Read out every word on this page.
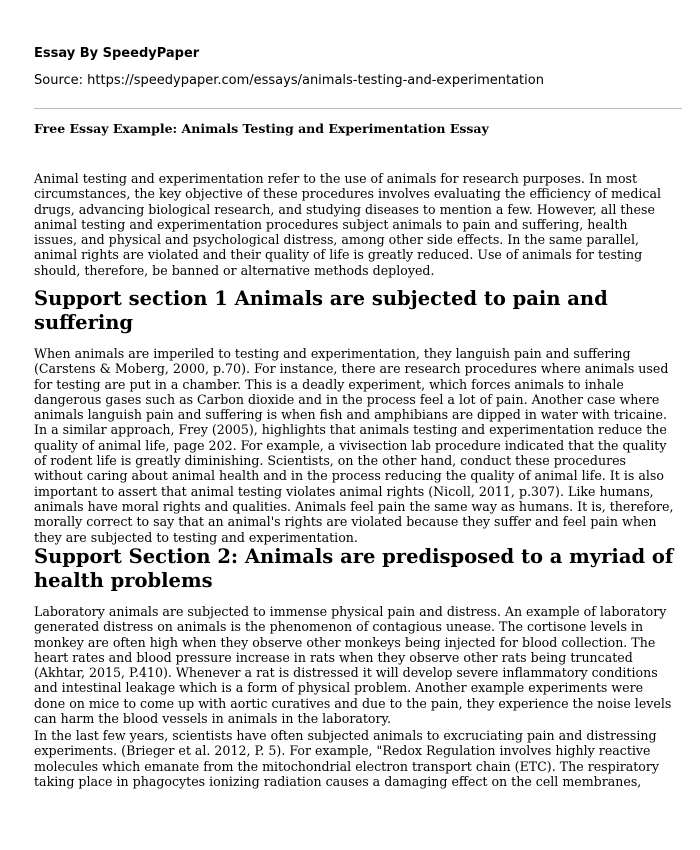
Essay By SpeedyPaper
Source: https://speedypaper.com/essays/animals-testing-and-experimentation
Free Essay Example: Animals Testing and Experimentation Essay

Animal testing and experimentation refer to the use of animals for research purposes. In most circumstances, the key objective of these procedures involves evaluating the efficiency of medical drugs, advancing biological research, and studying diseases to mention a few. However, all these animal testing and experimentation procedures subject animals to pain and suffering, health issues, and physical and psychological distress, among other side effects. In the same parallel, animal rights are violated and their quality of life is greatly reduced. Use of animals for testing should, therefore, be banned or alternative methods deployed.

Support section 1 Animals are subjected to pain and suffering

When animals are imperiled to testing and experimentation, they languish pain and suffering (Carstens & Moberg, 2000, p.70). For instance, there are research procedures where animals used for testing are put in a chamber. This is a deadly experiment, which forces animals to inhale dangerous gases such as Carbon dioxide and in the process feel a lot of pain. Another case where animals languish pain and suffering is when fish and amphibians are dipped in water with tricaine. In a similar approach, Frey (2005), highlights that animals testing and experimentation reduce the quality of animal life, page 202. For example, a vivisection lab procedure indicated that the quality of rodent life is greatly diminishing. Scientists, on the other hand, conduct these procedures without caring about animal health and in the process reducing the quality of animal life. It is also important to assert that animal testing violates animal rights (Nicoll, 2011, p.307). Like humans, animals have moral rights and qualities. Animals feel pain the same way as humans. It is, therefore, morally correct to say that an animal's rights are violated because they suffer and feel pain when they are subjected to testing and experimentation.

Support Section 2: Animals are predisposed to a myriad of health problems

Laboratory animals are subjected to immense physical pain and distress. An example of laboratory generated distress on animals is the phenomenon of contagious unease. The cortisone levels in monkey are often high when they observe other monkeys being injected for blood collection. The heart rates and blood pressure increase in rats when they observe other rats being truncated (Akhtar, 2015, P.410). Whenever a rat is distressed it will develop severe inflammatory conditions and intestinal leakage which is a form of physical problem. Another example experiments were done on mice to come up with aortic curatives and due to the pain, they experience the noise levels can harm the blood vessels in animals in the laboratory.

In the last few years, scientists have often subjected animals to excruciating pain and distressing experiments. (Brieger et al. 2012, P. 5). For example, "Redox Regulation involves highly reactive molecules which emanate from the mitochondrial electron transport chain (ETC). The respiratory taking place in phagocytes ionizing radiation causes a damaging effect on the cell membranes,
